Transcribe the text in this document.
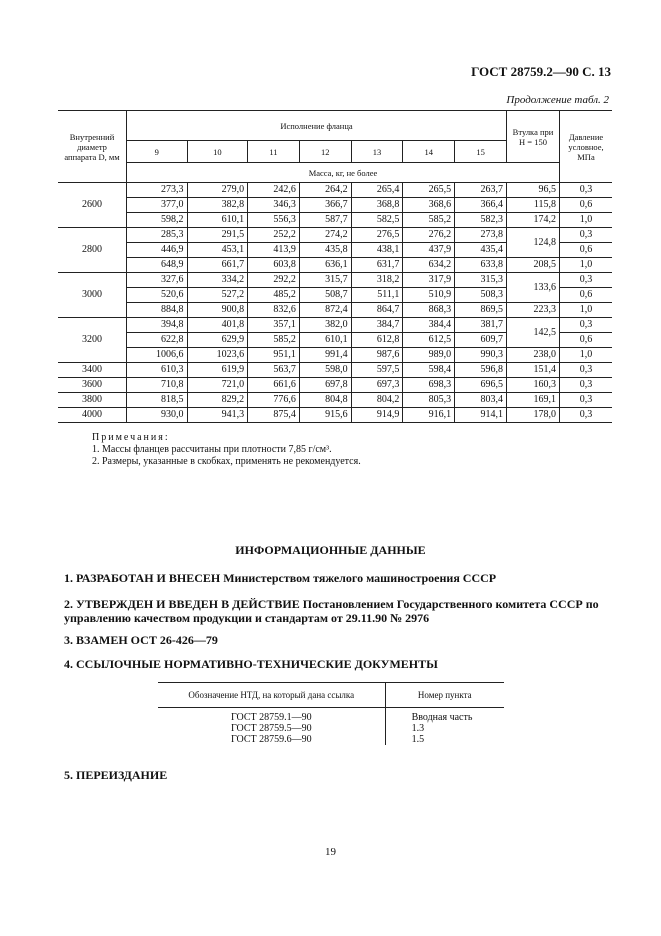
ГОСТ 28759.2—90 С. 13
Продолжение табл. 2
Внутренний диаметр аппарата D, мм	Исполнение фланца							Втулка при H = 150	Давление условное, МПа
	9	10	11	12	13	14	15		
	Масса, кг, не более								
2600	273,3	279,0	242,6	264,2	265,4	265,5	263,7	96,5	0,3
	377,0	382,8	346,3	366,7	368,8	368,6	366,4	115,8	0,6
	598,2	610,1	556,3	587,7	582,5	585,2	582,3	174,2	1,0
2800	285,3	291,5	252,2	274,2	276,5	276,2	273,8	124,8	0,3
	446,9	453,1	413,9	435,8	438,1	437,9	435,4		0,6
	648,9	661,7	603,8	636,1	631,7	634,2	633,8	208,5	1,0
3000	327,6	334,2	292,2	315,7	318,2	317,9	315,3	133,6	0,3
	520,6	527,2	485,2	508,7	511,1	510,9	508,3		0,6
	884,8	900,8	832,6	872,4	864,7	868,3	869,5	223,3	1,0
3200	394,8	401,8	357,1	382,0	384,7	384,4	381,7	142,5	0,3
	622,8	629,9	585,2	610,1	612,8	612,5	609,7		0,6
	1006,6	1023,6	951,1	991,4	987,6	989,0	990,3	238,0	1,0
3400	610,3	619,9	563,7	598,0	597,5	598,4	596,8	151,4	0,3
3600	710,8	721,0	661,6	697,8	697,3	698,3	696,5	160,3	0,3
3800	818,5	829,2	776,6	804,8	804,2	805,3	803,4	169,1	0,3
4000	930,0	941,3	875,4	915,6	914,9	916,1	914,1	178,0	0,3
Примечания:
1. Массы фланцев рассчитаны при плотности 7,85 г/см³.
2. Размеры, указанные в скобках, применять не рекомендуется.
ИНФОРМАЦИОННЫЕ ДАННЫЕ
1. РАЗРАБОТАН И ВНЕСЕН Министерством тяжелого машиностроения СССР
2. УТВЕРЖДЕН И ВВЕДЕН В ДЕЙСТВИЕ Постановлением Государственного комитета СССР по управлению качеством продукции и стандартам от 29.11.90 № 2976
3. ВЗАМЕН ОСТ 26-426—79
4. ССЫЛОЧНЫЕ НОРМАТИВНО-ТЕХНИЧЕСКИЕ ДОКУМЕНТЫ
Обозначение НТД, на который дана ссылка	Номер пункта

ГОСТ 28759.1—90	Вводная часть
ГОСТ 28759.5—90	1.3
ГОСТ 28759.6—90	1.5
5. ПЕРЕИЗДАНИЕ
19
